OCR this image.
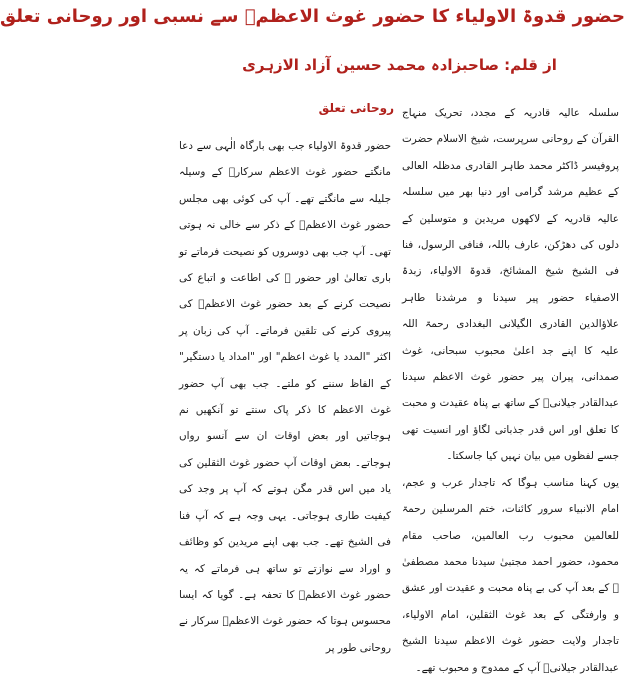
حضور قدوۃ الاولیاء کا حضور غوث الاعظمؒ سے نسبی اور روحانی تعلق
از قلم: صاحبزادہ محمد حسین آزاد الازہری

سلسلہ عالیہ قادریہ کے مجدد، تحریک منہاج القرآن کے روحانی سرپرست، شیخ الاسلام حضرت پروفیسر ڈاکٹر محمد طاہر القادری مدظلہ العالی کے عظیم مرشد گرامی اور دنیا بھر میں سلسلہ عالیہ قادریہ کے لاکھوں مریدین و متوسلین کے دلوں کی دھڑکن، عارف باللہ، فنافی الرسول، فنا فی الشیخ شیخ المشائخ، قدوۃ الاولیاء، زبدۃ الاصفیاء حضور پیر سیدنا و مرشدنا طاہر علاؤالدین القادری الگیلانی البغدادی رحمۃ اللہ علیہ کا اپنے جد اعلیٰ محبوب سبحانی، غوث صمدانی، پیران پیر حضور غوث الاعظم سیدنا عبدالقادر جیلانیؓ کے ساتھ بے پناہ عقیدت و محبت کا تعلق اور اس قدر جذباتی لگاؤ اور انسیت تھی جسے لفظوں میں بیان نہیں کیا جاسکتا۔

یوں کہنا مناسب ہوگا کہ تاجدار عرب و عجم، امام الانبیاء سرور کائنات، ختم المرسلین رحمۃ للعالمین محبوب رب العالمین، صاحب مقام محمود، حضور احمد مجتبیٰ سیدنا محمد مصطفیٰ ﷺ کے بعد آپ کی بے پناہ محبت و عقیدت اور عشق و وارفتگی کے بعد غوث الثقلین، امام الاولیاء، تاجدار ولایت حضور غوث الاعظم سیدنا الشیخ عبدالقادر جیلانیؓ آپ کے ممدوح و محبوب تھے۔

روحانی تعلق

حضور قدوۃ الاولیاء جب بھی بارگاہ الٰہی سے دعا مانگتے حضور غوث الاعظم سرکارؒ کے وسیلہ جلیلہ سے مانگتے تھے۔ آپ کی کوئی بھی مجلس حضور غوث الاعظمؒ کے ذکر سے خالی نہ ہوتی تھی۔ آپ جب بھی دوسروں کو نصیحت فرماتے تو باری تعالیٰ اور حضور ﷺ کی اطاعت و اتباع کی نصیحت کرنے کے بعد حضور غوث الاعظمؒ کی پیروی کرنے کی تلقین فرماتے۔ آپ کی زبان پر اکثر "المدد یا غوث اعظم" اور "امداد یا دستگیر" کے الفاظ سننے کو ملتے۔ جب بھی آپ حضور غوث الاعظم کا ذکر پاک سنتے تو آنکھیں نم ہوجاتیں اور بعض اوقات ان سے آنسو رواں ہوجاتے۔ بعض اوقات آپ حضور غوث الثقلین کی یاد میں اس قدر مگن ہوتے کہ آپ پر وجد کی کیفیت طاری ہوجاتی۔ یہی وجہ ہے کہ آپ فنا فی الشیخ تھے۔ جب بھی اپنے مریدین کو وظائف و اوراد سے نوازتے تو ساتھ ہی فرماتے کہ یہ حضور غوث الاعظمؒ کا تحفہ ہے۔ گویا کہ ایسا محسوس ہوتا کہ حضور غوث الاعظمؒ سرکار نے روحانی طور پر
